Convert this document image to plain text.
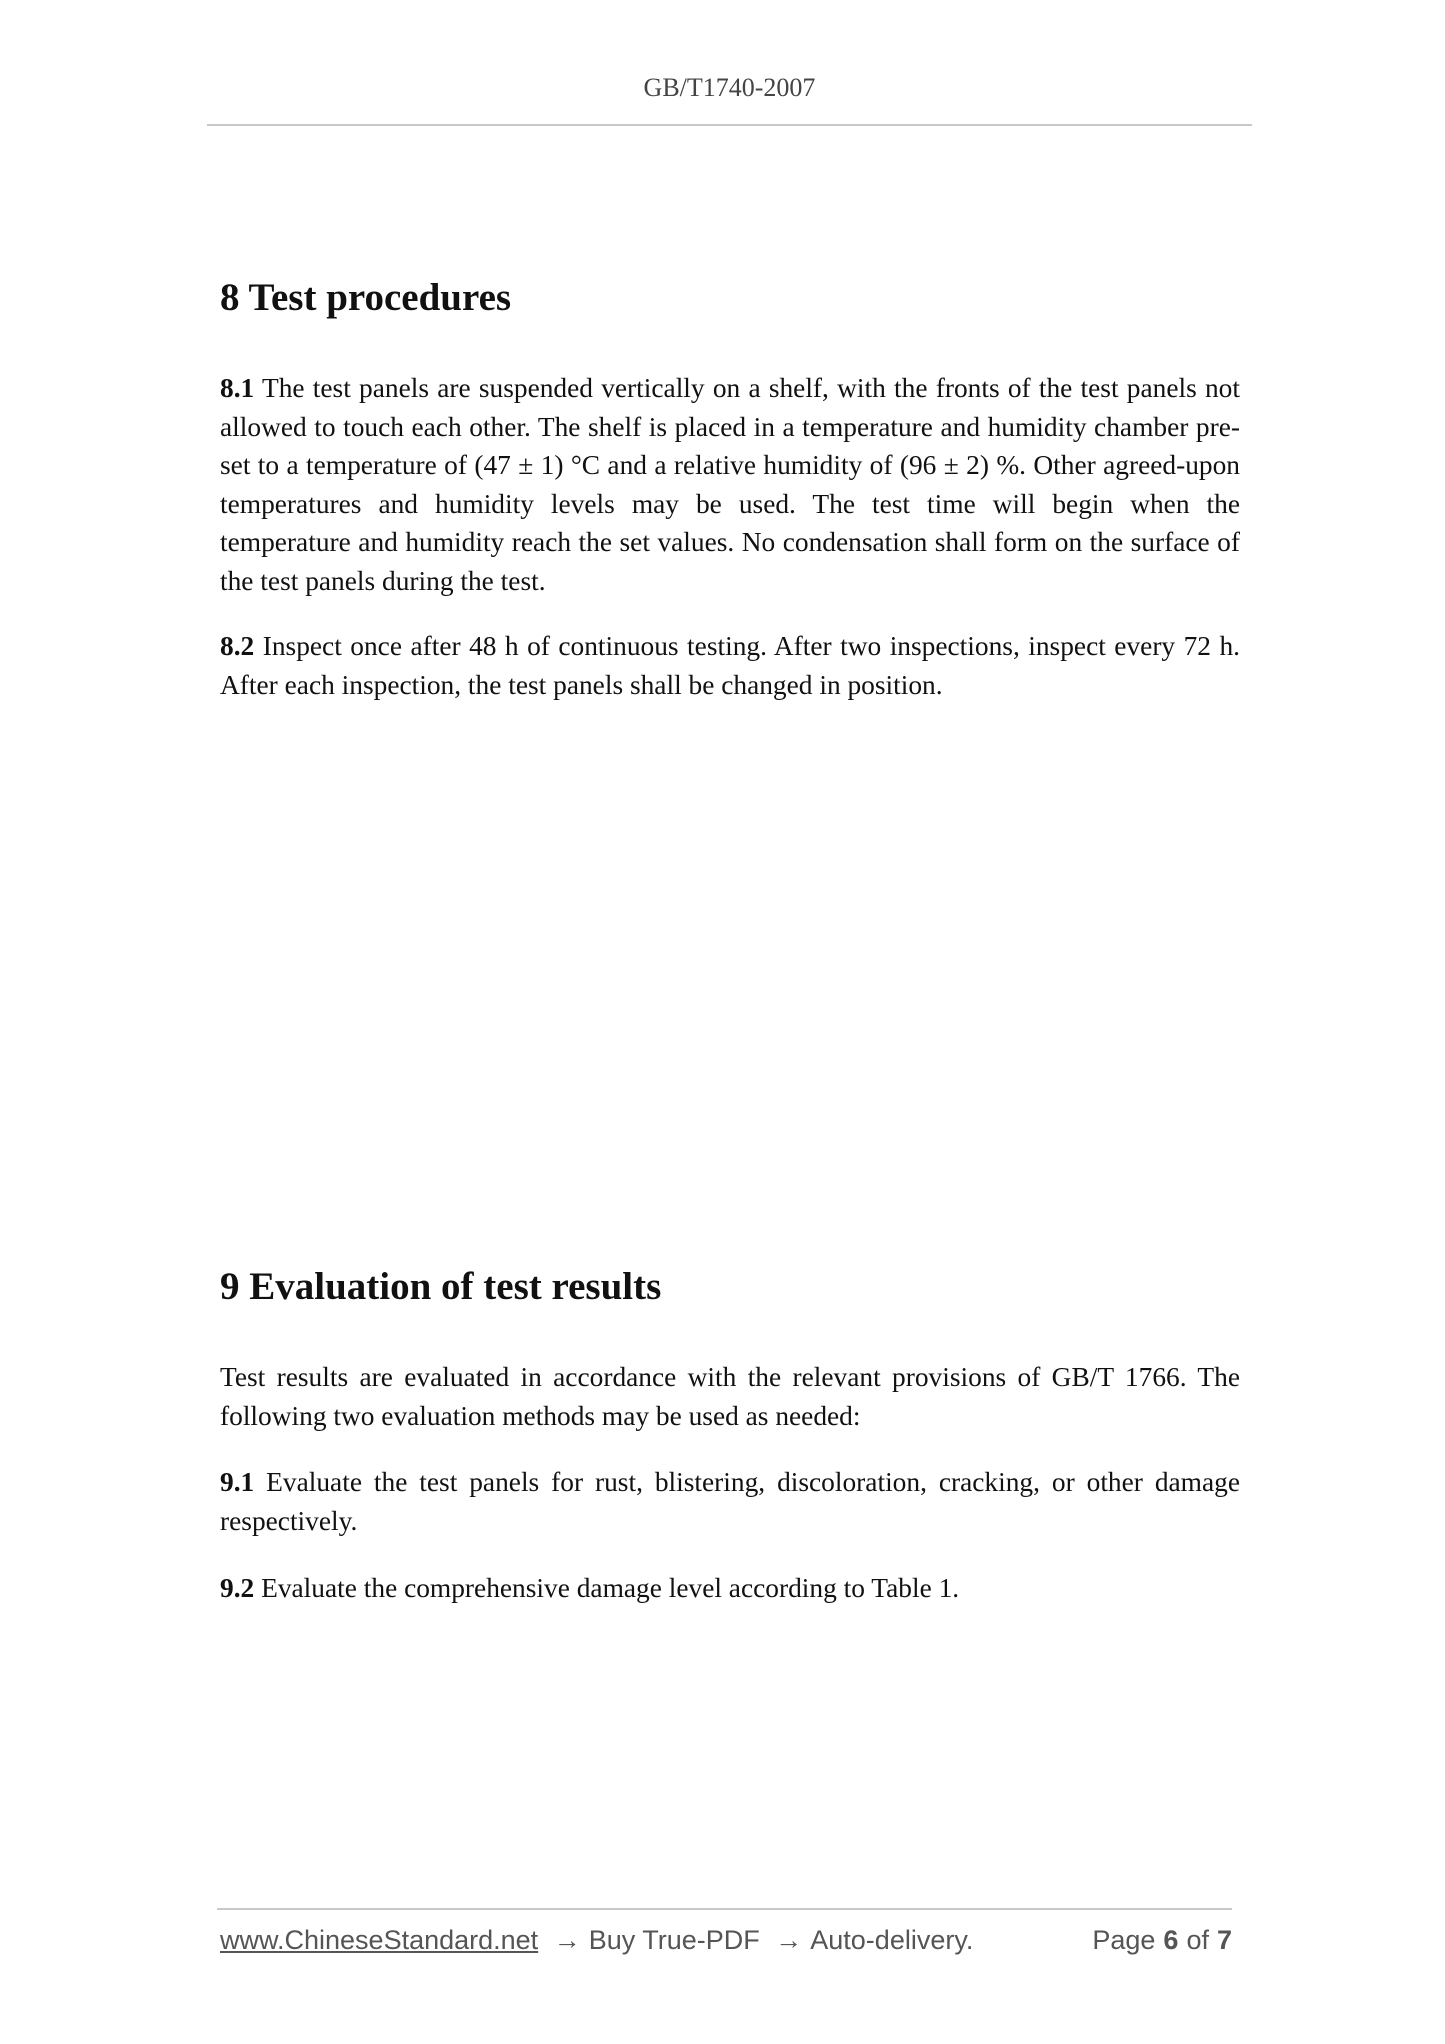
GB/T1740-2007
8 Test procedures

8.1 The test panels are suspended vertically on a shelf, with the fronts of the test panels not allowed to touch each other. The shelf is placed in a temperature and humidity chamber pre-set to a temperature of (47 ± 1) °C and a relative humidity of (96 ± 2) %. Other agreed-upon temperatures and humidity levels may be used. The test time will begin when the temperature and humidity reach the set values. No condensation shall form on the surface of the test panels during the test.

8.2 Inspect once after 48 h of continuous testing. After two inspections, inspect every 72 h. After each inspection, the test panels shall be changed in position.

9 Evaluation of test results

Test results are evaluated in accordance with the relevant provisions of GB/T 1766. The following two evaluation methods may be used as needed:

9.1 Evaluate the test panels for rust, blistering, discoloration, cracking, or other damage respectively.

9.2 Evaluate the comprehensive damage level according to Table 1.

www.ChineseStandard.net → Buy True-PDF → Auto-delivery.	Page 6 of 7
